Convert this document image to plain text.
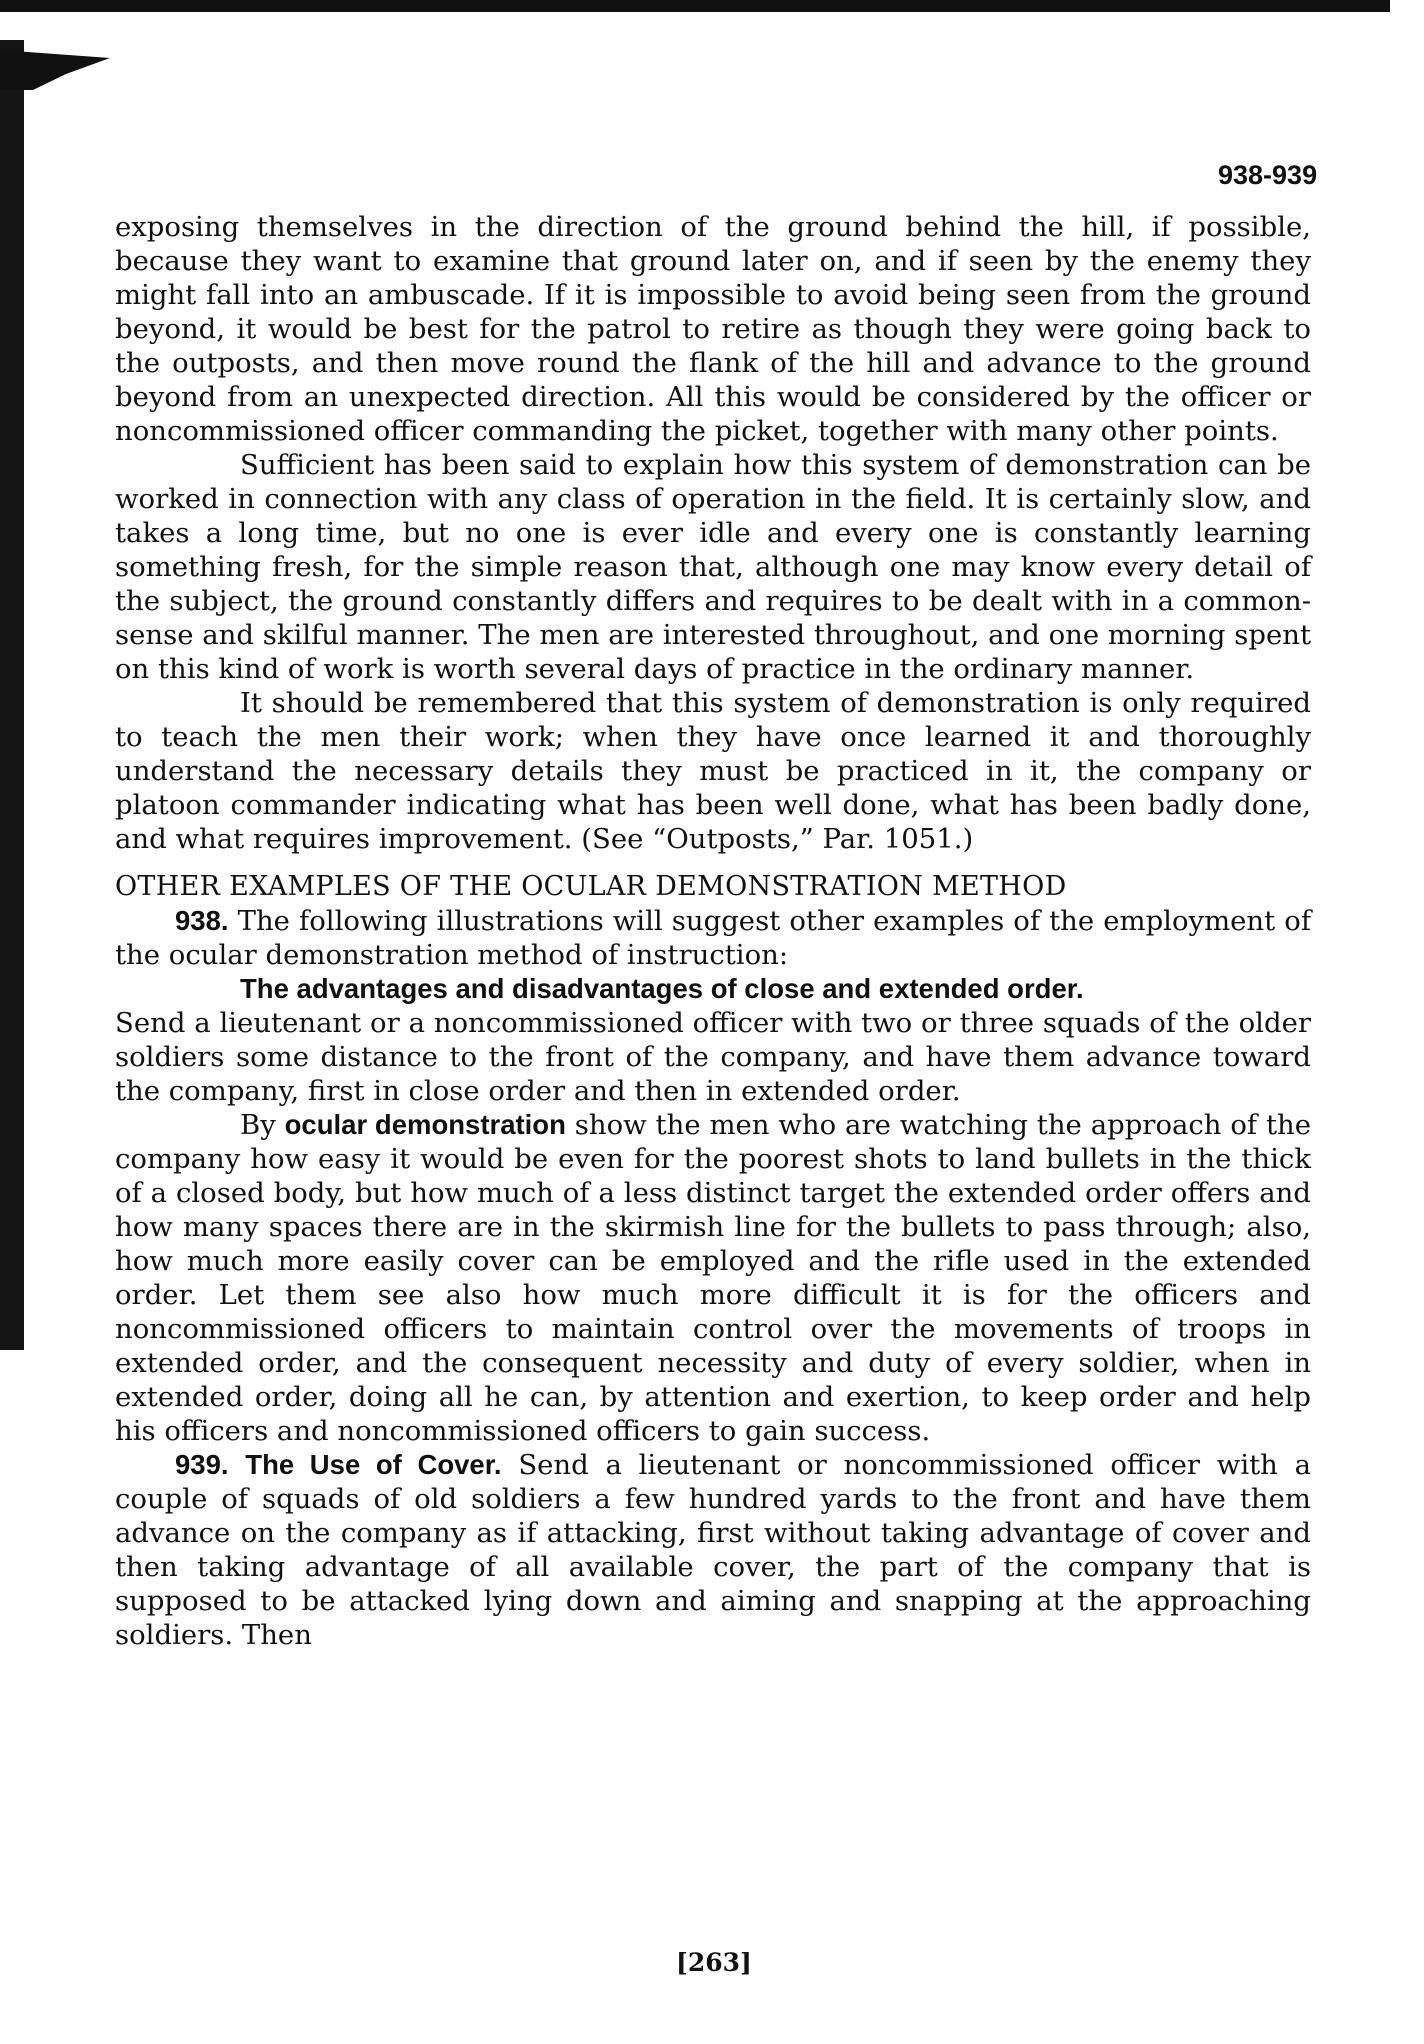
938-939

exposing themselves in the direction of the ground behind the hill, if possible, because they want to examine that ground later on, and if seen by the enemy they might fall into an ambuscade. If it is impossible to avoid being seen from the ground beyond, it would be best for the patrol to retire as though they were going back to the outposts, and then move round the flank of the hill and advance to the ground beyond from an unexpected direction. All this would be considered by the officer or noncommissioned officer commanding the picket, together with many other points.

Sufficient has been said to explain how this system of demonstration can be worked in connection with any class of operation in the field. It is certainly slow, and takes a long time, but no one is ever idle and every one is constantly learning something fresh, for the simple reason that, although one may know every detail of the subject, the ground constantly differs and requires to be dealt with in a common-sense and skilful manner. The men are interested throughout, and one morning spent on this kind of work is worth several days of practice in the ordinary manner.

It should be remembered that this system of demonstration is only required to teach the men their work; when they have once learned it and thoroughly understand the necessary details they must be practiced in it, the company or platoon commander indicating what has been well done, what has been badly done, and what requires improvement. (See “Outposts,” Par. 1051.)

OTHER EXAMPLES OF THE OCULAR DEMONSTRATION METHOD

938. The following illustrations will suggest other examples of the employment of the ocular demonstration method of instruction:

The advantages and disadvantages of close and extended order.

Send a lieutenant or a noncommissioned officer with two or three squads of the older soldiers some distance to the front of the company, and have them advance toward the company, first in close order and then in extended order.

By ocular demonstration show the men who are watching the approach of the company how easy it would be even for the poorest shots to land bullets in the thick of a closed body, but how much of a less distinct target the extended order offers and how many spaces there are in the skirmish line for the bullets to pass through; also, how much more easily cover can be employed and the rifle used in the extended order. Let them see also how much more difficult it is for the officers and noncommissioned officers to maintain control over the movements of troops in extended order, and the consequent necessity and duty of every soldier, when in extended order, doing all he can, by attention and exertion, to keep order and help his officers and noncommissioned officers to gain success.

939. The Use of Cover. Send a lieutenant or noncommissioned officer with a couple of squads of old soldiers a few hundred yards to the front and have them advance on the company as if attacking, first without taking advantage of cover and then taking advantage of all available cover, the part of the company that is supposed to be attacked lying down and aiming and snapping at the approaching soldiers. Then

[263]
